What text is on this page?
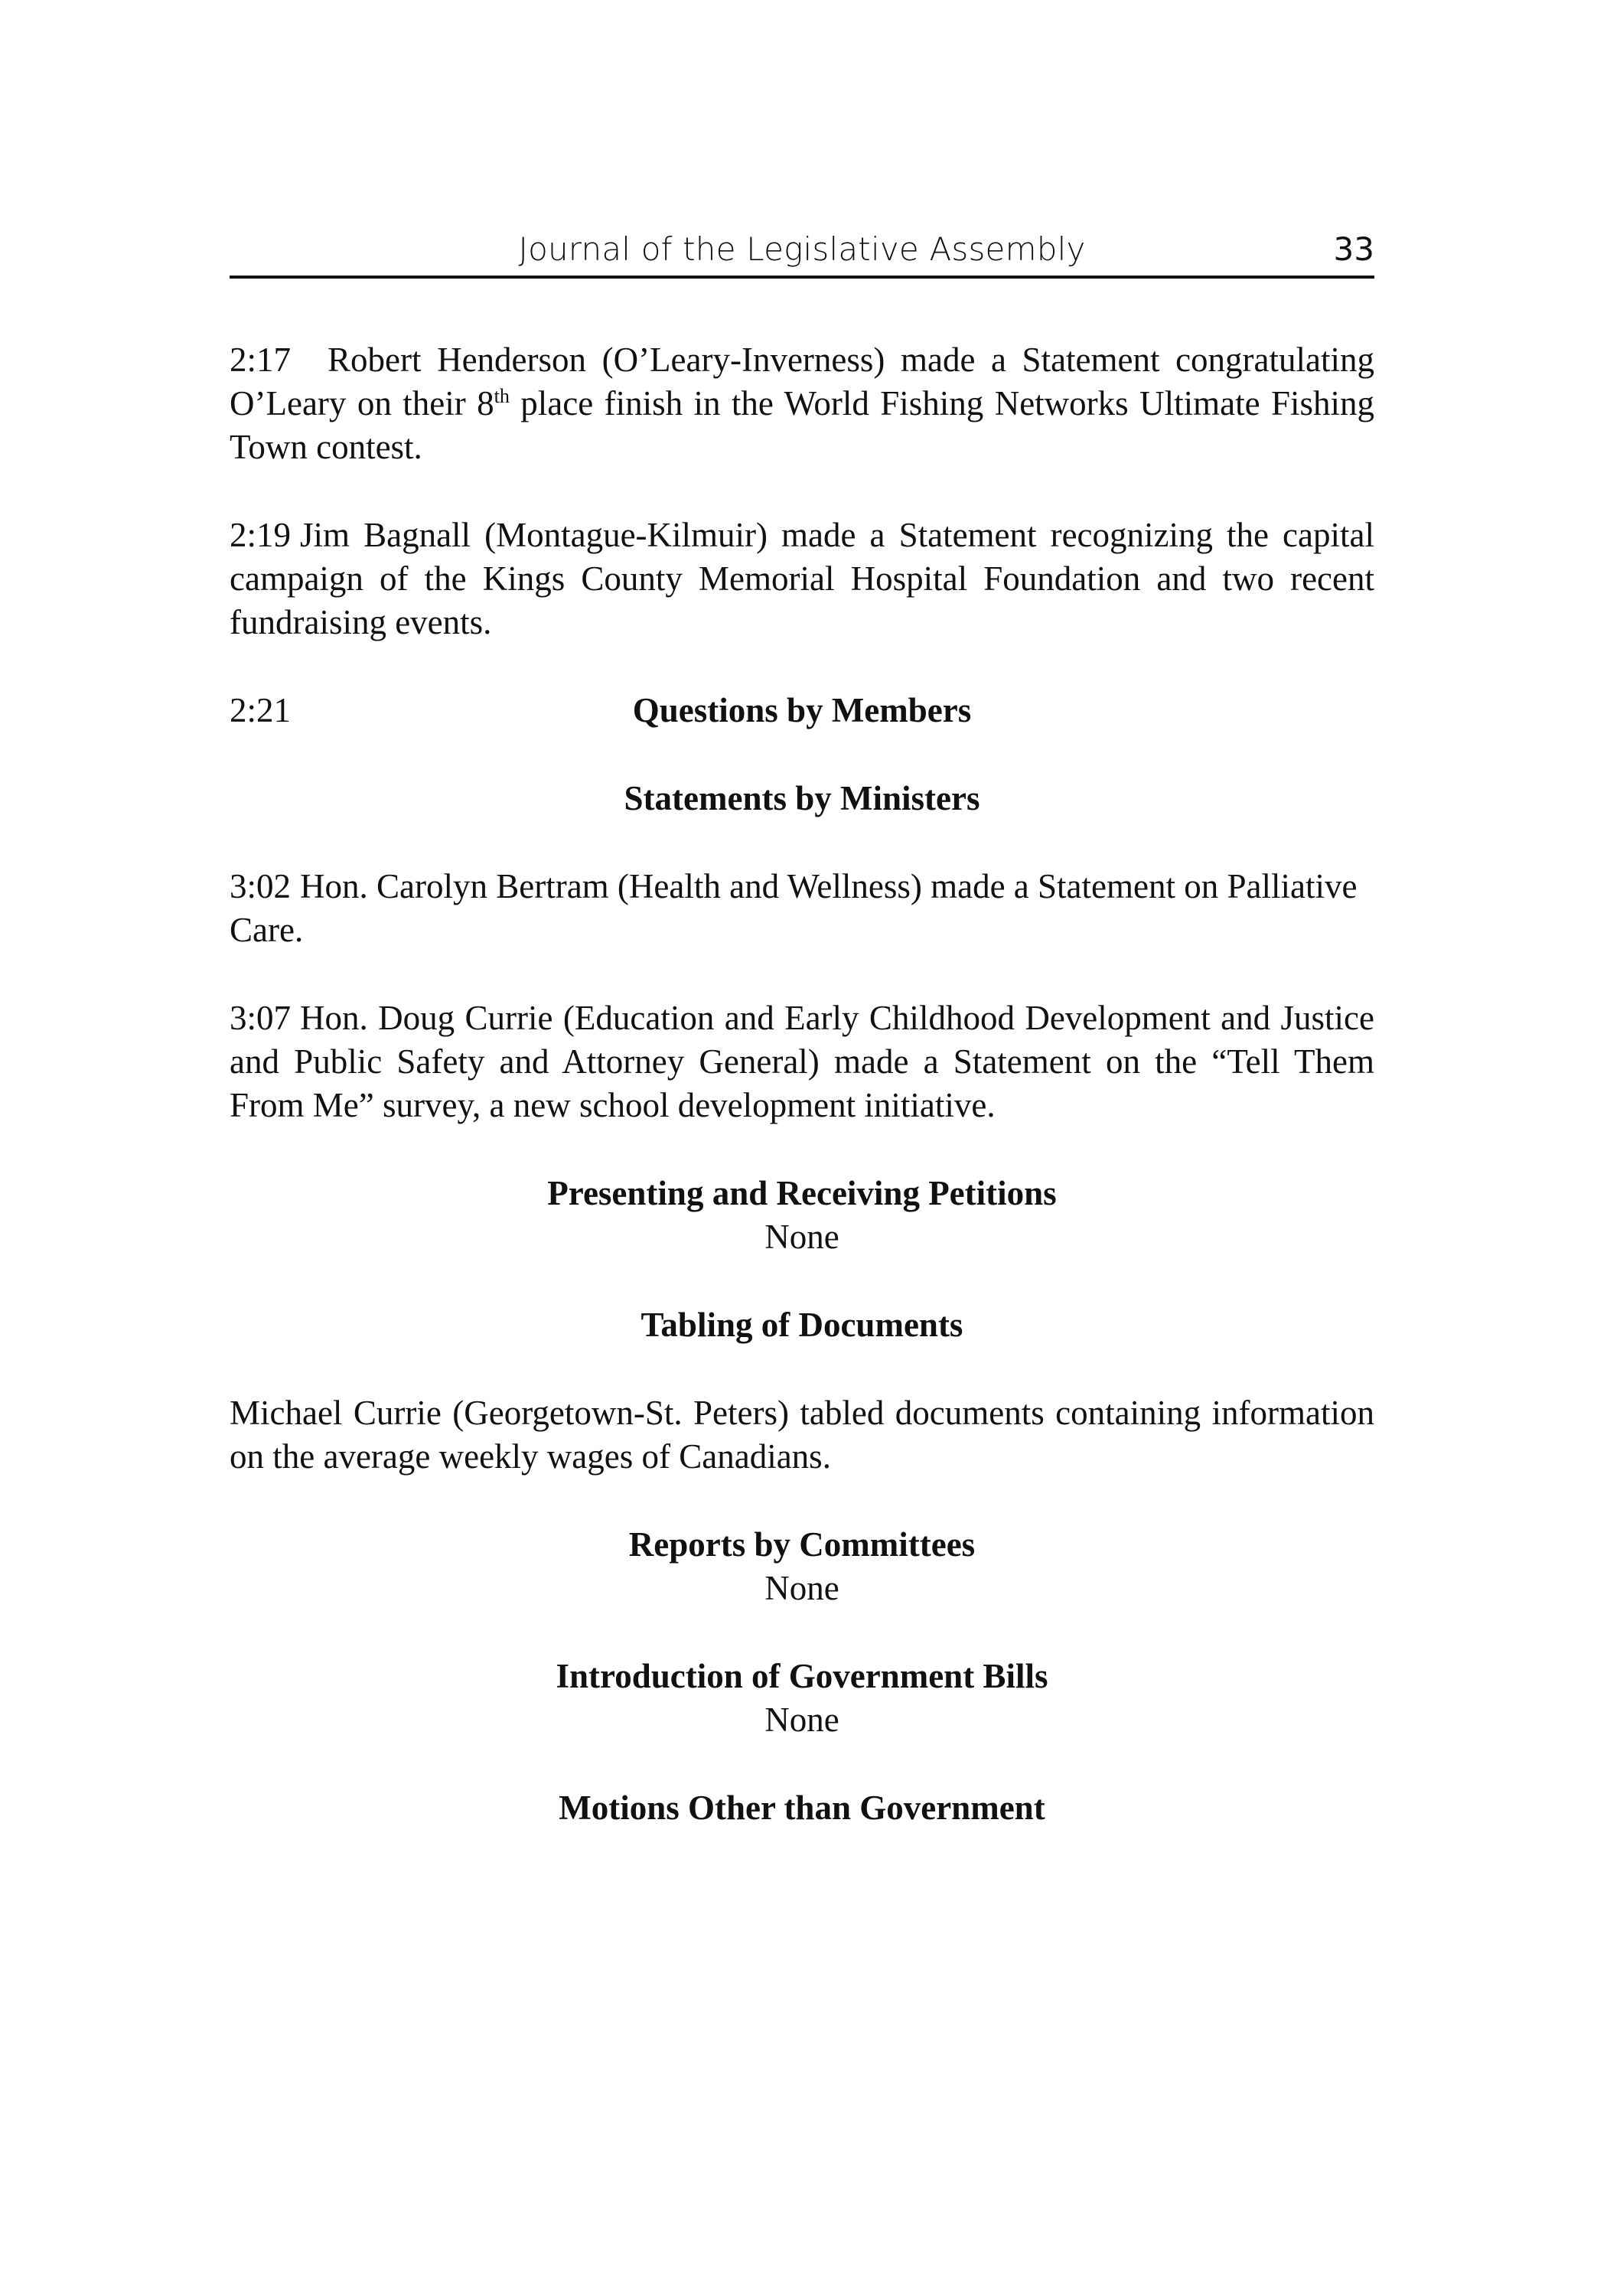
Journal of the Legislative Assembly	33

2:17 Robert Henderson (O’Leary-Inverness) made a Statement congratulating O’Leary on their 8th place finish in the World Fishing Networks Ultimate Fishing Town contest.

2:19 Jim Bagnall (Montague-Kilmuir) made a Statement recognizing the capital campaign of the Kings County Memorial Hospital Foundation and two recent fundraising events.

2:21	Questions by Members
Statements by Ministers

3:02 Hon. Carolyn Bertram (Health and Wellness) made a Statement on Palliative Care.

3:07 Hon. Doug Currie (Education and Early Childhood Development and Justice and Public Safety and Attorney General) made a Statement on the “Tell Them From Me” survey, a new school development initiative.

Presenting and Receiving Petitions
None
Tabling of Documents

Michael Currie (Georgetown-St. Peters) tabled documents containing information on the average weekly wages of Canadians.

Reports by Committees
None
Introduction of Government Bills
None
Motions Other than Government
